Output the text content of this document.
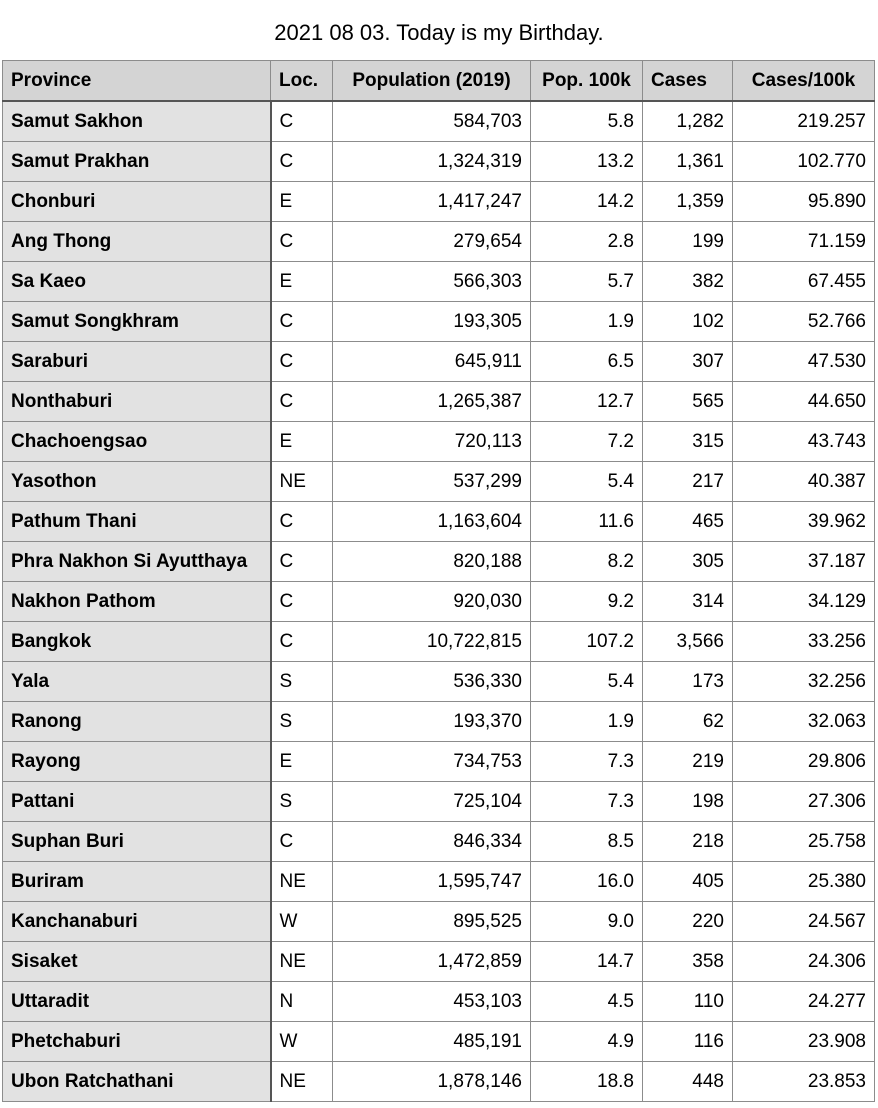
2021 08 03. Today is my Birthday.
Province	Loc.	Population (2019)	Pop. 100k	Cases	Cases/100k
Samut Sakhon	C	584,703	5.8	1,282	219.257
Samut Prakhan	C	1,324,319	13.2	1,361	102.770
Chonburi	E	1,417,247	14.2	1,359	95.890
Ang Thong	C	279,654	2.8	199	71.159
Sa Kaeo	E	566,303	5.7	382	67.455
Samut Songkhram	C	193,305	1.9	102	52.766
Saraburi	C	645,911	6.5	307	47.530
Nonthaburi	C	1,265,387	12.7	565	44.650
Chachoengsao	E	720,113	7.2	315	43.743
Yasothon	NE	537,299	5.4	217	40.387
Pathum Thani	C	1,163,604	11.6	465	39.962
Phra Nakhon Si Ayutthaya	C	820,188	8.2	305	37.187
Nakhon Pathom	C	920,030	9.2	314	34.129
Bangkok	C	10,722,815	107.2	3,566	33.256
Yala	S	536,330	5.4	173	32.256
Ranong	S	193,370	1.9	62	32.063
Rayong	E	734,753	7.3	219	29.806
Pattani	S	725,104	7.3	198	27.306
Suphan Buri	C	846,334	8.5	218	25.758
Buriram	NE	1,595,747	16.0	405	25.380
Kanchanaburi	W	895,525	9.0	220	24.567
Sisaket	NE	1,472,859	14.7	358	24.306
Uttaradit	N	453,103	4.5	110	24.277
Phetchaburi	W	485,191	4.9	116	23.908
Ubon Ratchathani	NE	1,878,146	18.8	448	23.853
